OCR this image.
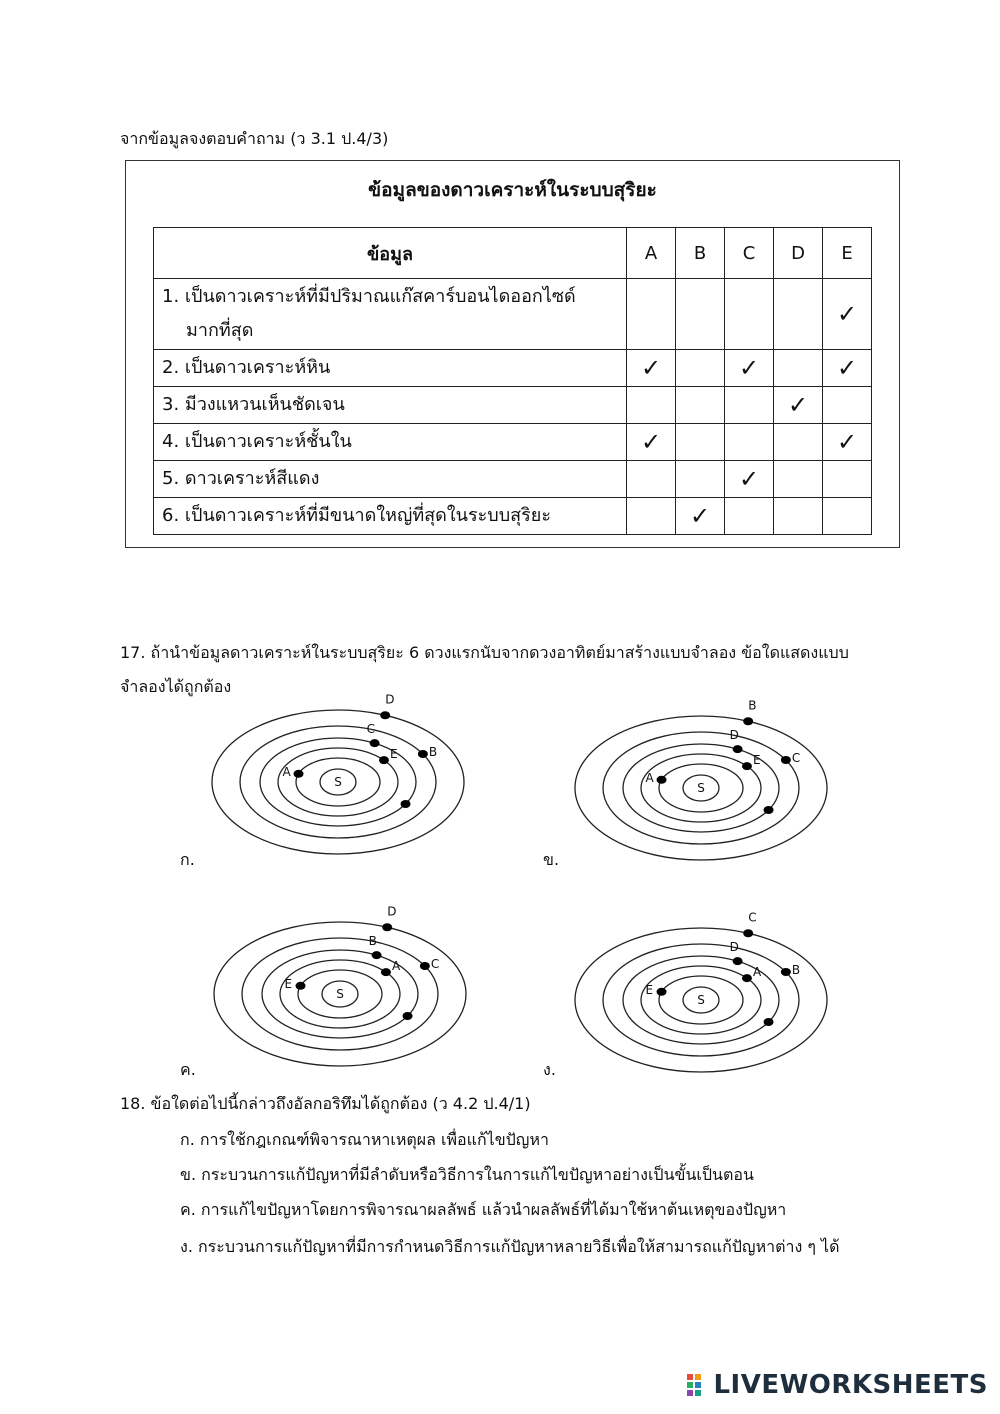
จากข้อมูลจงตอบคำถาม (ว 3.1 ป.4/3)
ข้อมูลของดาวเคราะห์ในระบบสุริยะ
ข้อมูล	A	B	C	D	E

1. เป็นดาวเคราะห์ที่มีปริมาณแก๊สคาร์บอนไดออกไซด์
มากที่สุด					✓

2. เป็นดาวเคราะห์หิน	✓		✓		✓

3. มีวงแหวนเห็นชัดเจน				✓	

4. เป็นดาวเคราะห์ชั้นใน	✓				✓

5. ดาวเคราะห์สีแดง			✓		

6. เป็นดาวเคราะห์ที่มีขนาดใหญ่ที่สุดในระบบสุริยะ		✓			
17. ถ้านำข้อมูลดาวเคราะห์ในระบบสุริยะ 6 ดวงแรกนับจากดวงอาทิตย์มาสร้างแบบจำลอง ข้อใดแสดงแบบจำลองได้ถูกต้อง
S
A
E
C
B
D
ก.
S
A
E
D
C
B
ข.
S
E
A
B
C
D
ค.
S
E
A
D
B
C
ง.
18. ข้อใดต่อไปนี้กล่าวถึงอัลกอริทึมได้ถูกต้อง (ว 4.2 ป.4/1)
ก. การใช้กฎเกณฑ์พิจารณาหาเหตุผล เพื่อแก้ไขปัญหา
ข. กระบวนการแก้ปัญหาที่มีลำดับหรือวิธีการในการแก้ไขปัญหาอย่างเป็นขั้นเป็นตอน
ค. การแก้ไขปัญหาโดยการพิจารณาผลลัพธ์ แล้วนำผลลัพธ์ที่ได้มาใช้หาต้นเหตุของปัญหา
ง. กระบวนการแก้ปัญหาที่มีการกำหนดวิธีการแก้ปัญหาหลายวิธีเพื่อให้สามารถแก้ปัญหาต่าง ๆ ได้
LIVEWORKSHEETS
